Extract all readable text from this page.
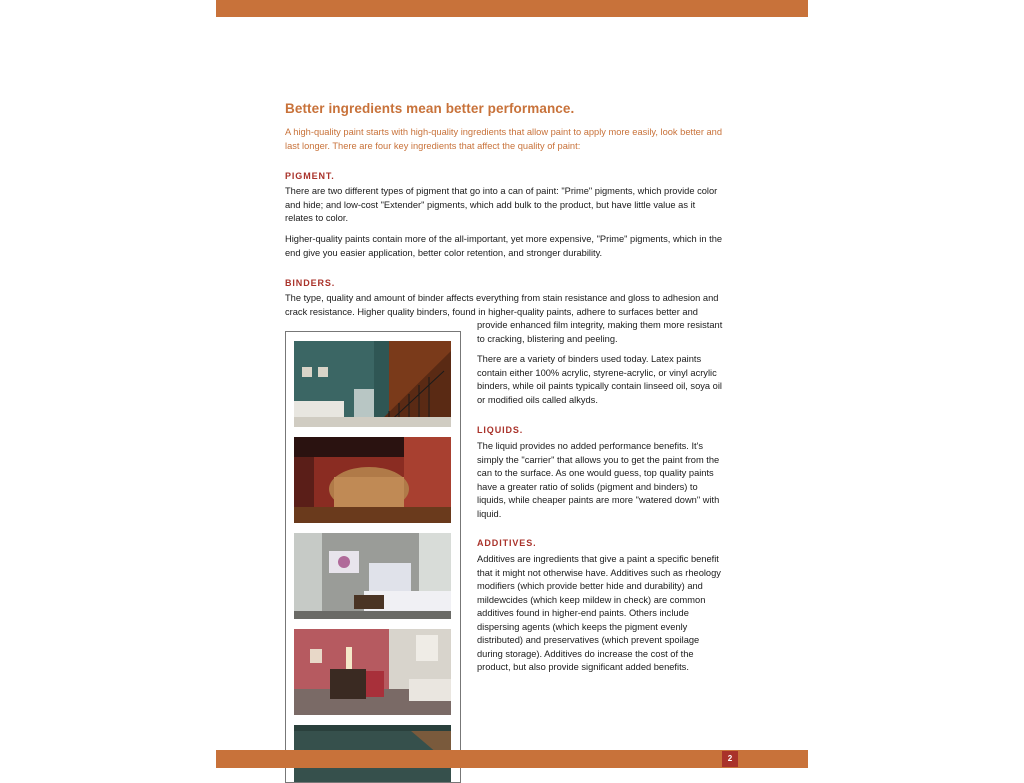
Better ingredients mean better performance.

A high-quality paint starts with high-quality ingredients that allow paint to apply more easily, look better and last longer. There are four key ingredients that affect the quality of paint:

PIGMENT.

There are two different types of pigment that go into a can of paint: "Prime" pigments, which provide color and hide; and low-cost "Extender" pigments, which add bulk to the product, but have little value as it relates to color.

Higher-quality paints contain more of the all-important, yet more expensive, "Prime" pigments, which in the end give you easier application, better color retention, and stronger durability.

BINDERS.

The type, quality and amount of binder affects everything from stain resistance and gloss to adhesion and crack resistance. Higher quality binders, found in higher-quality paints, adhere to surfaces better and

provide enhanced film integrity, making them more resistant to cracking, blistering and peeling.

There are a variety of binders used today. Latex paints contain either 100% acrylic, styrene-acrylic, or vinyl acrylic binders, while oil paints typically contain linseed oil, soya oil or modified oils called alkyds.

LIQUIDS.

The liquid provides no added performance benefits. It's simply the "carrier" that allows you to get the paint from the can to the surface. As one would guess, top quality paints have a greater ratio of solids (pigment and binders) to liquids, while cheaper paints are more "watered down" with liquid.

ADDITIVES.

Additives are ingredients that give a paint a specific benefit that it might not otherwise have. Additives such as rheology modifiers (which provide better hide and durability) and mildewcides (which keep mildew in check) are common additives found in higher-end paints. Others include dispersing agents (which keeps the pigment evenly distributed) and preservatives (which prevent spoilage during storage). Additives do increase the cost of the product, but also provide significant added benefits.

2
